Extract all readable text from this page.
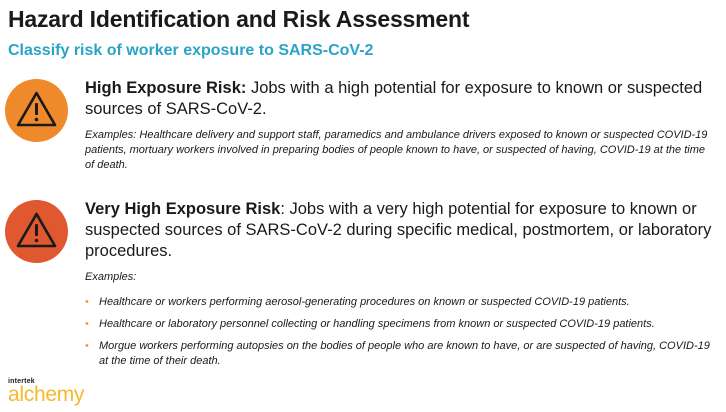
Hazard Identification and Risk Assessment
Classify risk of worker exposure to SARS-CoV-2
High Exposure Risk: Jobs with a high potential for exposure to known or suspected sources of SARS-CoV-2.
Examples: Healthcare delivery and support staff, paramedics and ambulance drivers exposed to known or suspected COVID-19 patients, mortuary workers involved in preparing bodies of people known to have, or suspected of having, COVID-19 at the time of death.
Very High Exposure Risk: Jobs with a very high potential for exposure to known or suspected sources of SARS-CoV-2 during specific medical, postmortem, or laboratory procedures.
Examples:
• Healthcare or workers performing aerosol-generating procedures on known or suspected COVID-19 patients.
• Healthcare or laboratory personnel collecting or handling specimens from known or suspected COVID-19 patients.
• Morgue workers performing autopsies on the bodies of people who are known to have, or are suspected of having, COVID-19 at the time of their death.
intertek
alchemy
